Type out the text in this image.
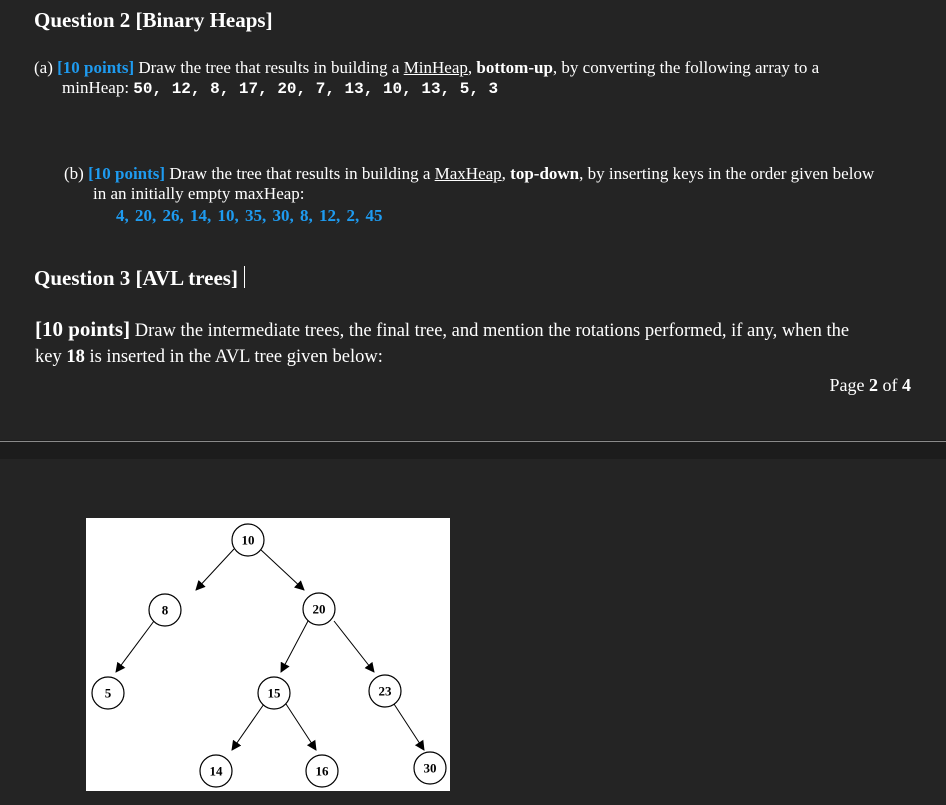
Question 2 [Binary Heaps]
(a) [10 points] Draw the tree that results in building a MinHeap, bottom-up, by converting the following array to a
minHeap: 50, 12, 8, 17, 20, 7, 13, 10, 13, 5, 3
(b) [10 points] Draw the tree that results in building a MaxHeap, top-down, by inserting keys in the order given below
in an initially empty maxHeap:
4, 20, 26, 14, 10, 35, 30, 8, 12, 2, 45
Question 3 [AVL trees]
[10 points] Draw the intermediate trees, the final tree, and mention the rotations performed, if any, when the
key 18 is inserted in the AVL tree given below:
Page 2 of 4
10
8	20
5	15	23
14	16	30
